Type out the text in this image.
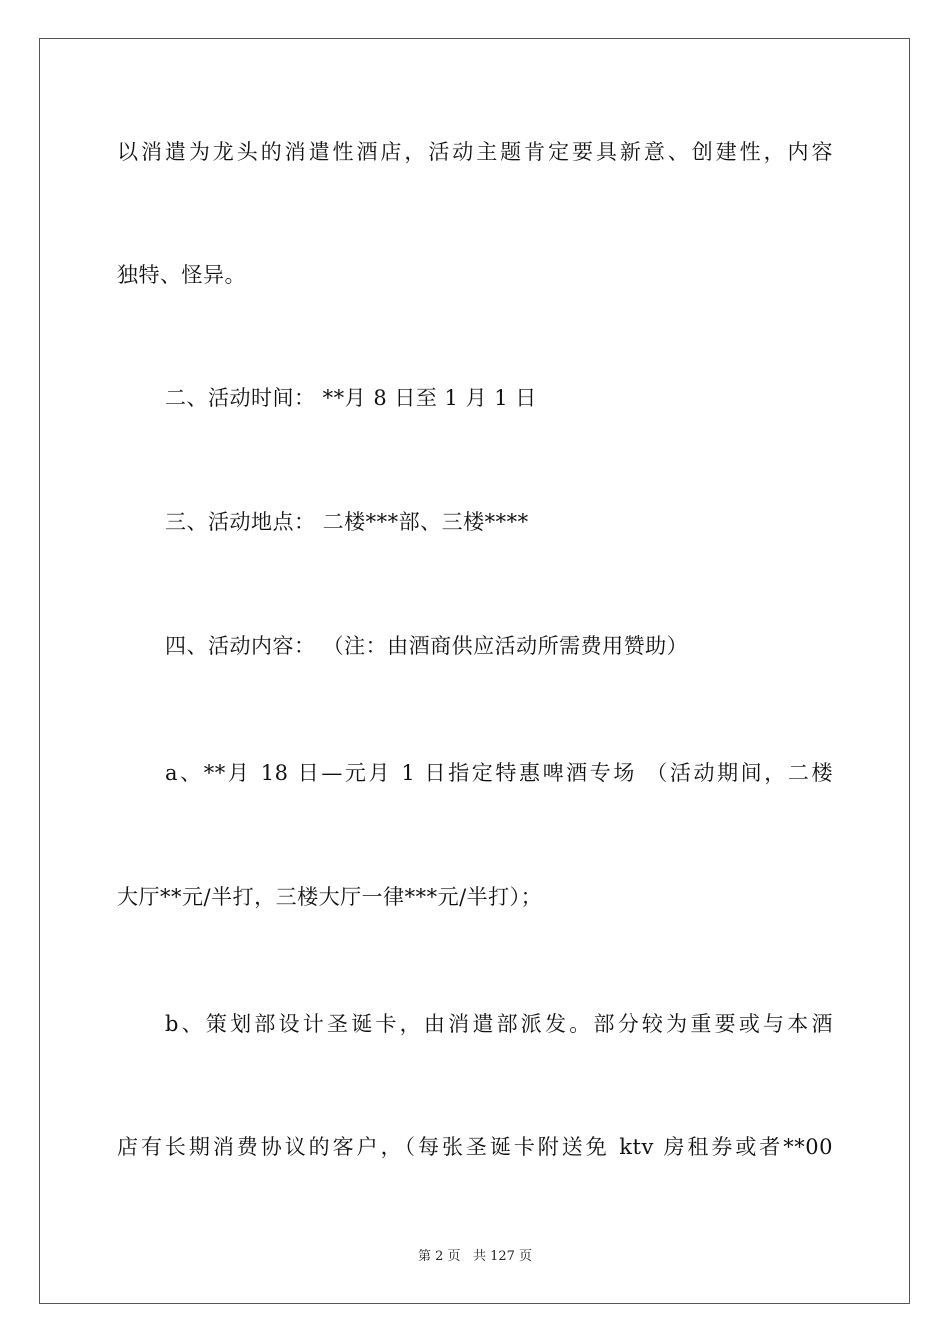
以消遣为龙头的消遣性酒店，活动主题肯定要具新意、创建性，内容
独特、怪异。
二、活动时间： **月 8 日至 1 月 1 日
三、活动地点： 二楼***部、三楼****
四、活动内容： （注：由酒商供应活动所需费用赞助）
a、**月 18 日—元月 1 日指定特惠啤酒专场 （活动期间，二楼
大厅**元/半打，三楼大厅一律***元/半打）；
b、策划部设计圣诞卡，由消遣部派发。部分较为重要或与本酒
店有长期消费协议的客户，（每张圣诞卡附送免 ktv 房租券或者**00
第 2 页 共 127 页
